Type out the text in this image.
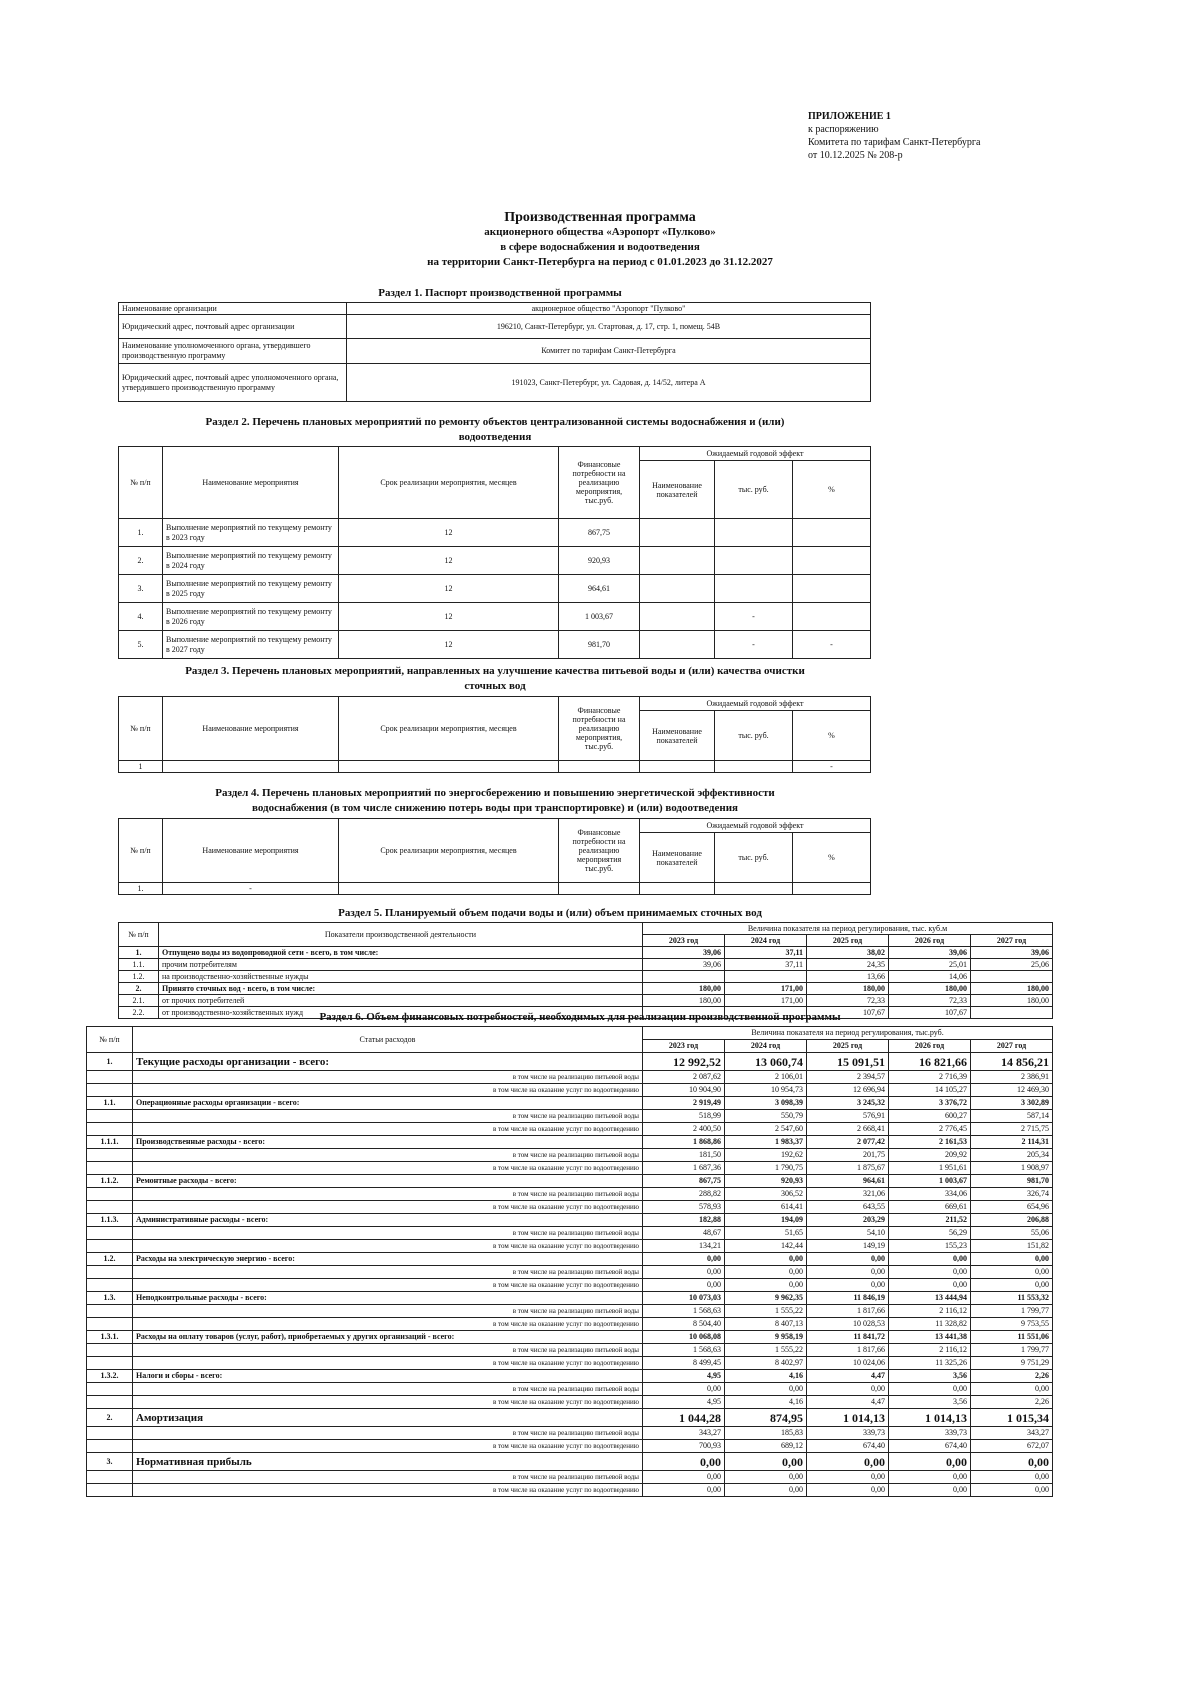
ПРИЛОЖЕНИЕ 1
к распоряжению
Комитета по тарифам Санкт-Петербурга
от 10.12.2025 № 208-р
Производственная программа
акционерного общества «Аэропорт «Пулково»
в сфере водоснабжения и водоотведения
на территории Санкт-Петербурга на период с 01.01.2023 до 31.12.2027
Раздел 1. Паспорт производственной программы
Наименование организации	акционерное общество "Аэропорт "Пулково"
Юридический адрес, почтовый адрес организации	196210, Санкт-Петербург, ул. Стартовая, д. 17, стр. 1, помещ. 54В
Наименование уполномоченного органа, утвердившего производственную программу	Комитет по тарифам Санкт-Петербурга
Юридический адрес, почтовый адрес уполномоченного органа, утвердившего производственную программу	191023, Санкт-Петербург, ул. Садовая, д. 14/52, литера А
Раздел 2. Перечень плановых мероприятий по ремонту объектов централизованной системы водоснабжения и (или)
водоотведения
№ п/п	Наименование мероприятия	Срок реализации мероприятия, месяцев	Финансовые потребности на реализацию мероприятия, тыс.руб.	Ожидаемый годовой эффект		
				Наименование показателей	тыс. руб.	%
1.	Выполнение мероприятий по текущему ремонту в 2023 году	12	867,75			
2.	Выполнение мероприятий по текущему ремонту в 2024 году	12	920,93			
3.	Выполнение мероприятий по текущему ремонту в 2025 году	12	964,61			
4.	Выполнение мероприятий по текущему ремонту в 2026 году	12	1 003,67		-	
5.	Выполнение мероприятий по текущему ремонту в 2027 году	12	981,70		-	-
Раздел 3. Перечень плановых мероприятий, направленных на улучшение качества питьевой воды и (или) качества очистки
сточных вод
№ п/п	Наименование мероприятия	Срок реализации мероприятия, месяцев	Финансовые потребности на реализацию мероприятия, тыс.руб.	Ожидаемый годовой эффект		
				Наименование показателей	тыс. руб.	%
1						-
Раздел 4. Перечень плановых мероприятий по энергосбережению и повышению энергетической эффективности
водоснабжения (в том числе снижению потерь воды при транспортировке) и (или) водоотведения
№ п/п	Наименование мероприятия	Срок реализации мероприятия, месяцев	Финансовые потребности на реализацию мероприятия тыс.руб.	Ожидаемый годовой эффект		
				Наименование показателей	тыс. руб.	%
1.	-					
Раздел 5. Планируемый объем подачи воды и (или) объем принимаемых сточных вод
№ п/п	Показатели производственной деятельности	Величина показателя на период регулирования, тыс. куб.м				
		2023 год	2024 год	2025 год	2026 год	2027 год
1.	Отпущено воды из водопроводной сети - всего, в том числе:	39,06	37,11	38,02	39,06	39,06
1.1.	прочим потребителям	39,06	37,11	24,35	25,01	25,06
1.2.	на производственно-хозяйственные нужды			13,66	14,06	
2.	Принято сточных вод - всего, в том числе:	180,00	171,00	180,00	180,00	180,00
2.1.	от прочих потребителей	180,00	171,00	72,33	72,33	180,00
2.2.	от производственно-хозяйственных нужд			107,67	107,67	
Раздел 6. Объем финансовых потребностей, необходимых для реализации производственной программы
№ п/п	Статьи расходов	Величина показателя на период регулирования, тыс.руб.				
		2023 год	2024 год	2025 год	2026 год	2027 год
1.	Текущие расходы организации - всего:	12 992,52	13 060,74	15 091,51	16 821,66	14 856,21
	в том числе на реализацию питьевой воды	2 087,62	2 106,01	2 394,57	2 716,39	2 386,91
	в том числе на оказание услуг по водоотведению	10 904,90	10 954,73	12 696,94	14 105,27	12 469,30
1.1.	Операционные расходы организации - всего:	2 919,49	3 098,39	3 245,32	3 376,72	3 302,89
	в том числе на реализацию питьевой воды	518,99	550,79	576,91	600,27	587,14
	в том числе на оказание услуг по водоотведению	2 400,50	2 547,60	2 668,41	2 776,45	2 715,75
1.1.1.	Производственные расходы - всего:	1 868,86	1 983,37	2 077,42	2 161,53	2 114,31
	в том числе на реализацию питьевой воды	181,50	192,62	201,75	209,92	205,34
	в том числе на оказание услуг по водоотведению	1 687,36	1 790,75	1 875,67	1 951,61	1 908,97
1.1.2.	Ремонтные расходы - всего:	867,75	920,93	964,61	1 003,67	981,70
	в том числе на реализацию питьевой воды	288,82	306,52	321,06	334,06	326,74
	в том числе на оказание услуг по водоотведению	578,93	614,41	643,55	669,61	654,96
1.1.3.	Административные расходы - всего:	182,88	194,09	203,29	211,52	206,88
	в том числе на реализацию питьевой воды	48,67	51,65	54,10	56,29	55,06
	в том числе на оказание услуг по водоотведению	134,21	142,44	149,19	155,23	151,82
1.2.	Расходы на электрическую энергию - всего:	0,00	0,00	0,00	0,00	0,00
	в том числе на реализацию питьевой воды	0,00	0,00	0,00	0,00	0,00
	в том числе на оказание услуг по водоотведению	0,00	0,00	0,00	0,00	0,00
1.3.	Неподконтрольные расходы - всего:	10 073,03	9 962,35	11 846,19	13 444,94	11 553,32
	в том числе на реализацию питьевой воды	1 568,63	1 555,22	1 817,66	2 116,12	1 799,77
	в том числе на оказание услуг по водоотведению	8 504,40	8 407,13	10 028,53	11 328,82	9 753,55
1.3.1.	Расходы на оплату товаров (услуг, работ), приобретаемых у других организаций - всего:	10 068,08	9 958,19	11 841,72	13 441,38	11 551,06
	в том числе на реализацию питьевой воды	1 568,63	1 555,22	1 817,66	2 116,12	1 799,77
	в том числе на оказание услуг по водоотведению	8 499,45	8 402,97	10 024,06	11 325,26	9 751,29
1.3.2.	Налоги и сборы - всего:	4,95	4,16	4,47	3,56	2,26
	в том числе на реализацию питьевой воды	0,00	0,00	0,00	0,00	0,00
	в том числе на оказание услуг по водоотведению	4,95	4,16	4,47	3,56	2,26
2.	Амортизация	1 044,28	874,95	1 014,13	1 014,13	1 015,34
	в том числе на реализацию питьевой воды	343,27	185,83	339,73	339,73	343,27
	в том числе на оказание услуг по водоотведению	700,93	689,12	674,40	674,40	672,07
3.	Нормативная прибыль	0,00	0,00	0,00	0,00	0,00
	в том числе на реализацию питьевой воды	0,00	0,00	0,00	0,00	0,00
	в том числе на оказание услуг по водоотведению	0,00	0,00	0,00	0,00	0,00
